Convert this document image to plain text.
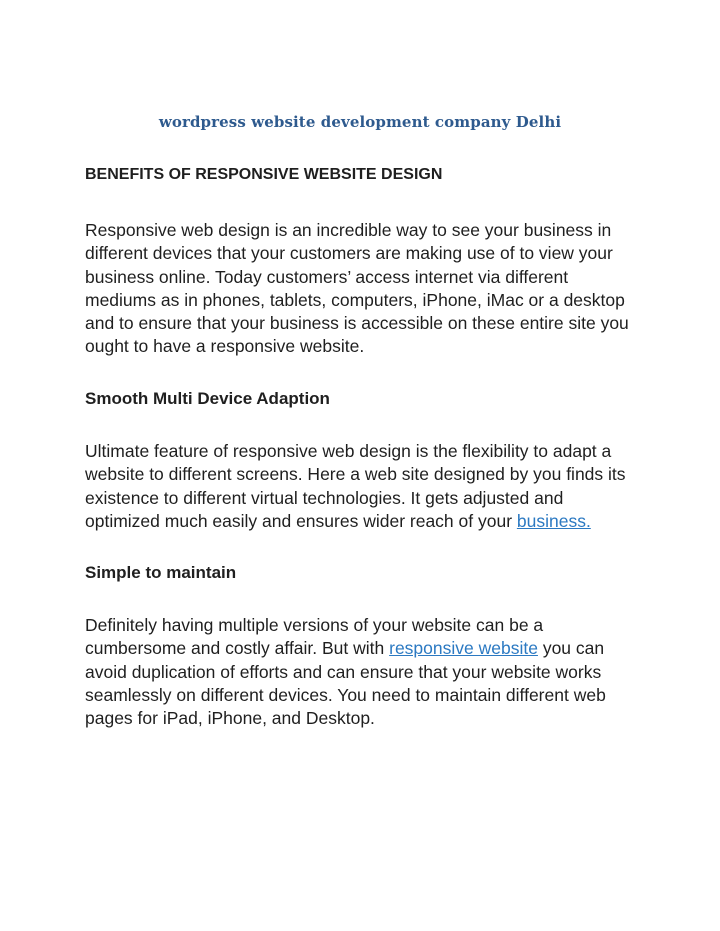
wordpress website development company Delhi
BENEFITS OF RESPONSIVE WEBSITE DESIGN
Responsive web design is an incredible way to see your business in
different devices that your customers are making use of to view your
business online. Today customers’ access internet via different
mediums as in phones, tablets, computers, iPhone, iMac or a desktop
and to ensure that your business is accessible on these entire site you
ought to have a responsive website.
Smooth Multi Device Adaption
Ultimate feature of responsive web design is the flexibility to adapt a
website to different screens. Here a web site designed by you finds its
existence to different virtual technologies. It gets adjusted and
optimized much easily and ensures wider reach of your business.
Simple to maintain
Definitely having multiple versions of your website can be a
cumbersome and costly affair. But with responsive website you can
avoid duplication of efforts and can ensure that your website works
seamlessly on different devices. You need to maintain different web
pages for iPad, iPhone, and Desktop.
